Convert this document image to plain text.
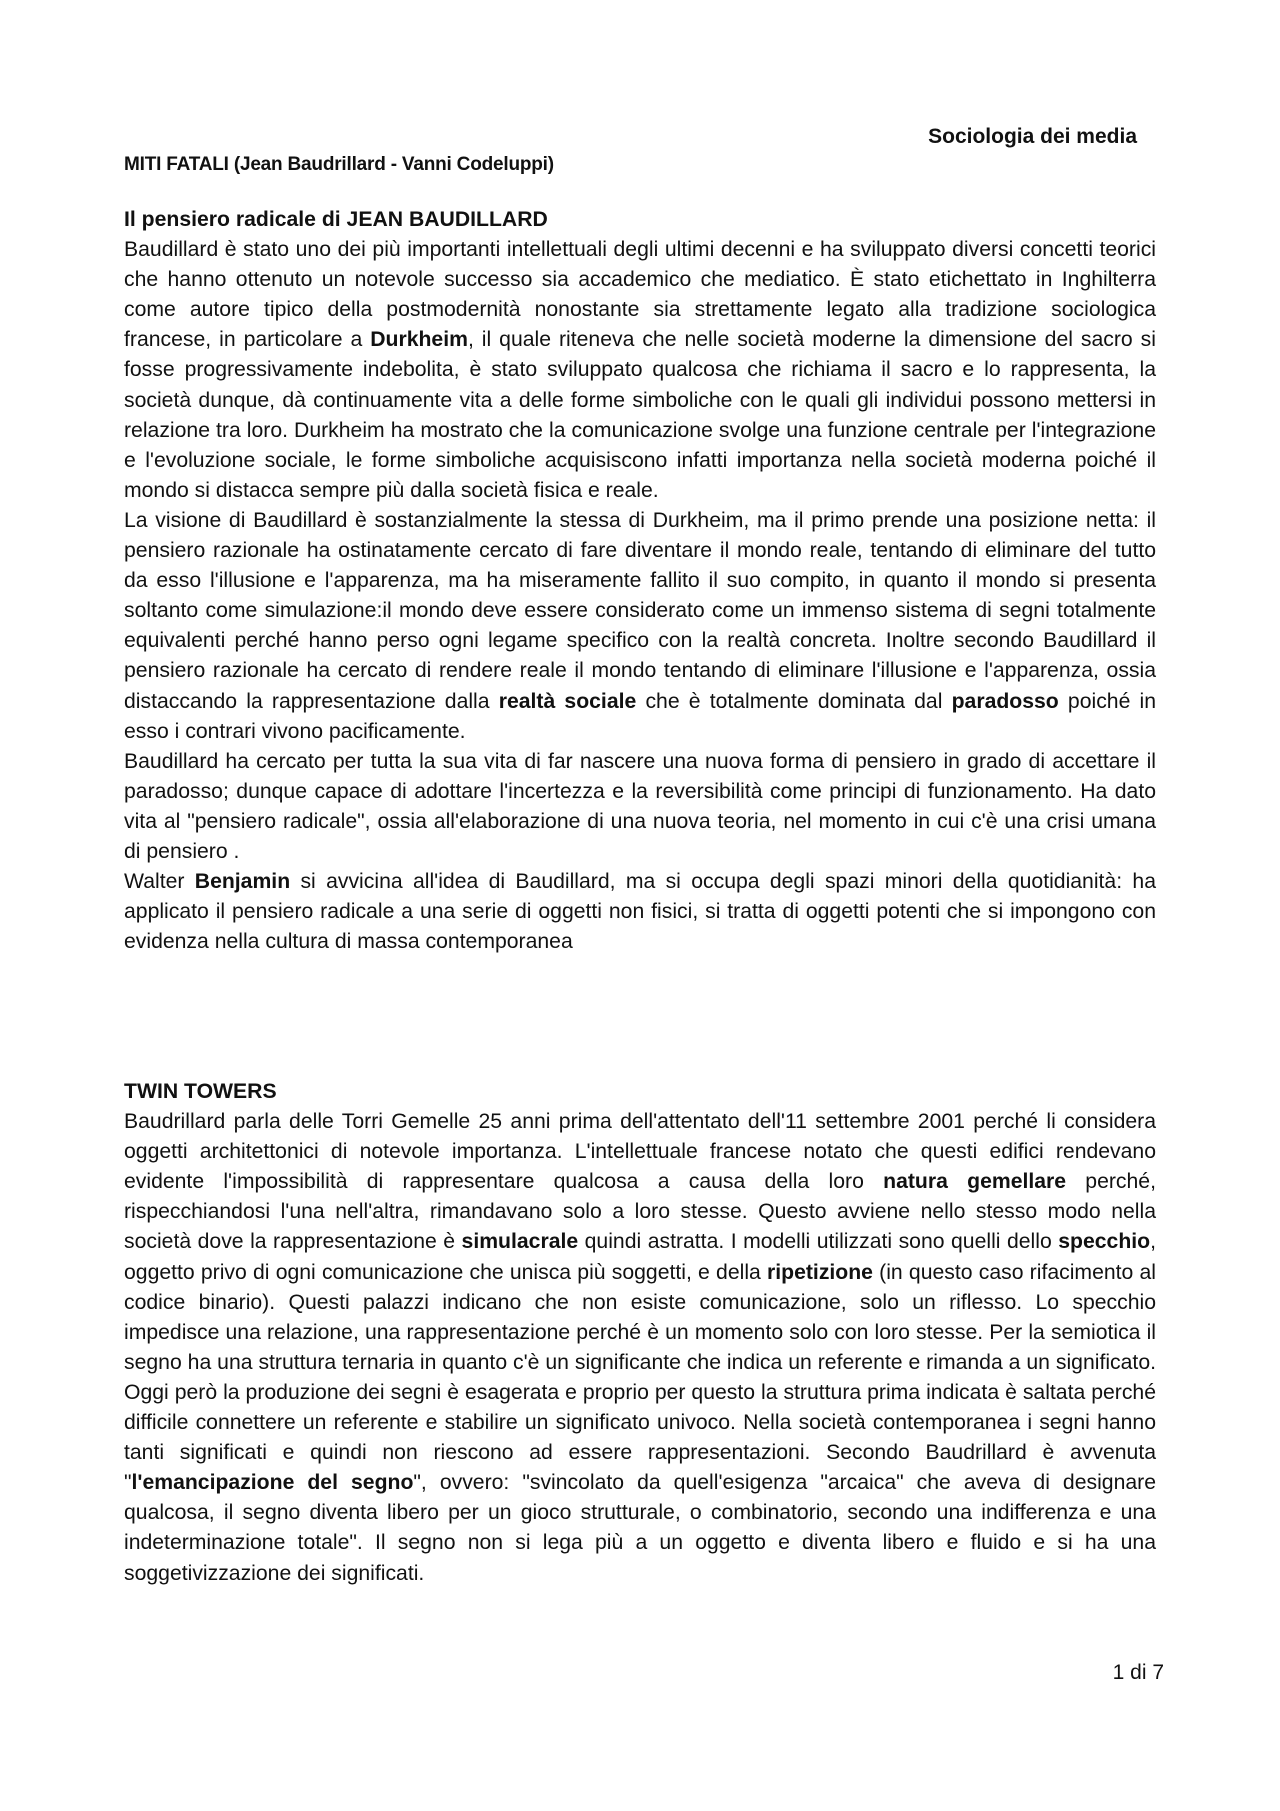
Sociologia dei media
MITI FATALI (Jean Baudrillard - Vanni Codeluppi)
Il pensiero radicale di JEAN BAUDILLARD

Baudillard è stato uno dei più importanti intellettuali degli ultimi decenni e ha sviluppato diversi concetti teorici che hanno ottenuto un notevole successo sia accademico che mediatico. È stato etichettato in Inghilterra come autore tipico della postmodernità nonostante sia strettamente legato alla tradizione sociologica francese, in particolare a Durkheim, il quale riteneva che nelle società moderne la dimensione del sacro si fosse progressivamente indebolita, è stato sviluppato qualcosa che richiama il sacro e lo rappresenta, la società dunque, dà continuamente vita a delle forme simboliche con le quali gli individui possono mettersi in relazione tra loro. Durkheim ha mostrato che la comunicazione svolge una funzione centrale per l'integrazione e l'evoluzione sociale, le forme simboliche acquisiscono infatti importanza nella società moderna poiché il mondo si distacca sempre più dalla società fisica e reale.

La visione di Baudillard è sostanzialmente la stessa di Durkheim, ma il primo prende una posizione netta: il pensiero razionale ha ostinatamente cercato di fare diventare il mondo reale, tentando di eliminare del tutto da esso l'illusione e l'apparenza, ma ha miseramente fallito il suo compito, in quanto il mondo si presenta soltanto come simulazione:il mondo deve essere considerato come un immenso sistema di segni totalmente equivalenti perché hanno perso ogni legame specifico con la realtà concreta. Inoltre secondo Baudillard il pensiero razionale ha cercato di rendere reale il mondo tentando di eliminare l'illusione e l'apparenza, ossia distaccando la rappresentazione dalla realtà sociale che è totalmente dominata dal paradosso poiché in esso i contrari vivono pacificamente.

Baudillard ha cercato per tutta la sua vita di far nascere una nuova forma di pensiero in grado di accettare il paradosso; dunque capace di adottare l'incertezza e la reversibilità come principi di funzionamento. Ha dato vita al "pensiero radicale", ossia all'elaborazione di una nuova teoria, nel momento in cui c'è una crisi umana di pensiero .

Walter Benjamin si avvicina all'idea di Baudillard, ma si occupa degli spazi minori della quotidianità: ha applicato il pensiero radicale a una serie di oggetti non fisici, si tratta di oggetti potenti che si impongono con evidenza nella cultura di massa contemporanea

TWIN TOWERS

Baudrillard parla delle Torri Gemelle 25 anni prima dell'attentato dell'11 settembre 2001 perché li considera oggetti architettonici di notevole importanza. L'intellettuale francese notato che questi edifici rendevano evidente l'impossibilità di rappresentare qualcosa a causa della loro natura gemellare perché, rispecchiandosi l'una nell'altra, rimandavano solo a loro stesse. Questo avviene nello stesso modo nella società dove la rappresentazione è simulacrale quindi astratta. I modelli utilizzati sono quelli dello specchio, oggetto privo di ogni comunicazione che unisca più soggetti, e della ripetizione (in questo caso rifacimento al codice binario). Questi palazzi indicano che non esiste comunicazione, solo un riflesso. Lo specchio impedisce una relazione, una rappresentazione perché è un momento solo con loro stesse. Per la semiotica il segno ha una struttura ternaria in quanto c'è un significante che indica un referente e rimanda a un significato. Oggi però la produzione dei segni è esagerata e proprio per questo la struttura prima indicata è saltata perché difficile connettere un referente e stabilire un significato univoco. Nella società contemporanea i segni hanno tanti significati e quindi non riescono ad essere rappresentazioni. Secondo Baudrillard è avvenuta "l'emancipazione del segno", ovvero: "svincolato da quell'esigenza "arcaica" che aveva di designare qualcosa, il segno diventa libero per un gioco strutturale, o combinatorio, secondo una indifferenza e una indeterminazione totale". Il segno non si lega più a un oggetto e diventa libero e fluido e si ha una soggetivizzazione dei significati.

1 di 7
